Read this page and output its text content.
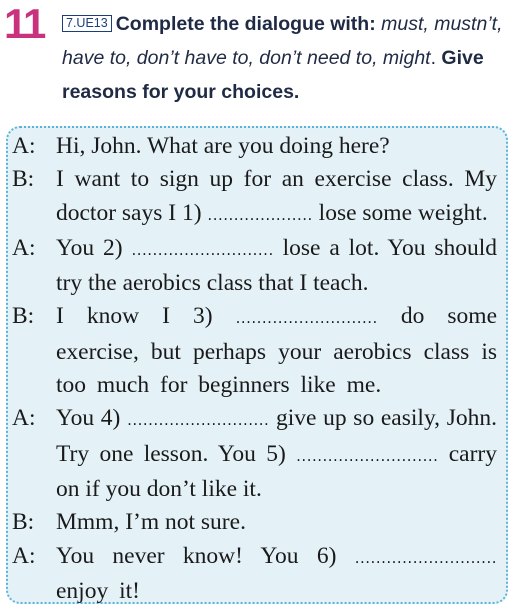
11	7.UE13 Complete the dialogue with: must, mustn’t, have to, don’t have to, don’t need to, might. Give reasons for your choices.
A: Hi, John. What are you doing here?
B: I want to sign up for an exercise class. My doctor says I 1) .................... lose some weight.
A: You 2) ........................... lose a lot. You should try the aerobics class that I teach.
B: I know I 3) ........................... do some exercise, but perhaps your aerobics class is too much for beginners like me.
A: You 4) ........................... give up so easily, John. Try one lesson. You 5) ........................... carry on if you don’t like it.
B: Mmm, I’m not sure.
A: You never know! You 6) ........................... enjoy it!
